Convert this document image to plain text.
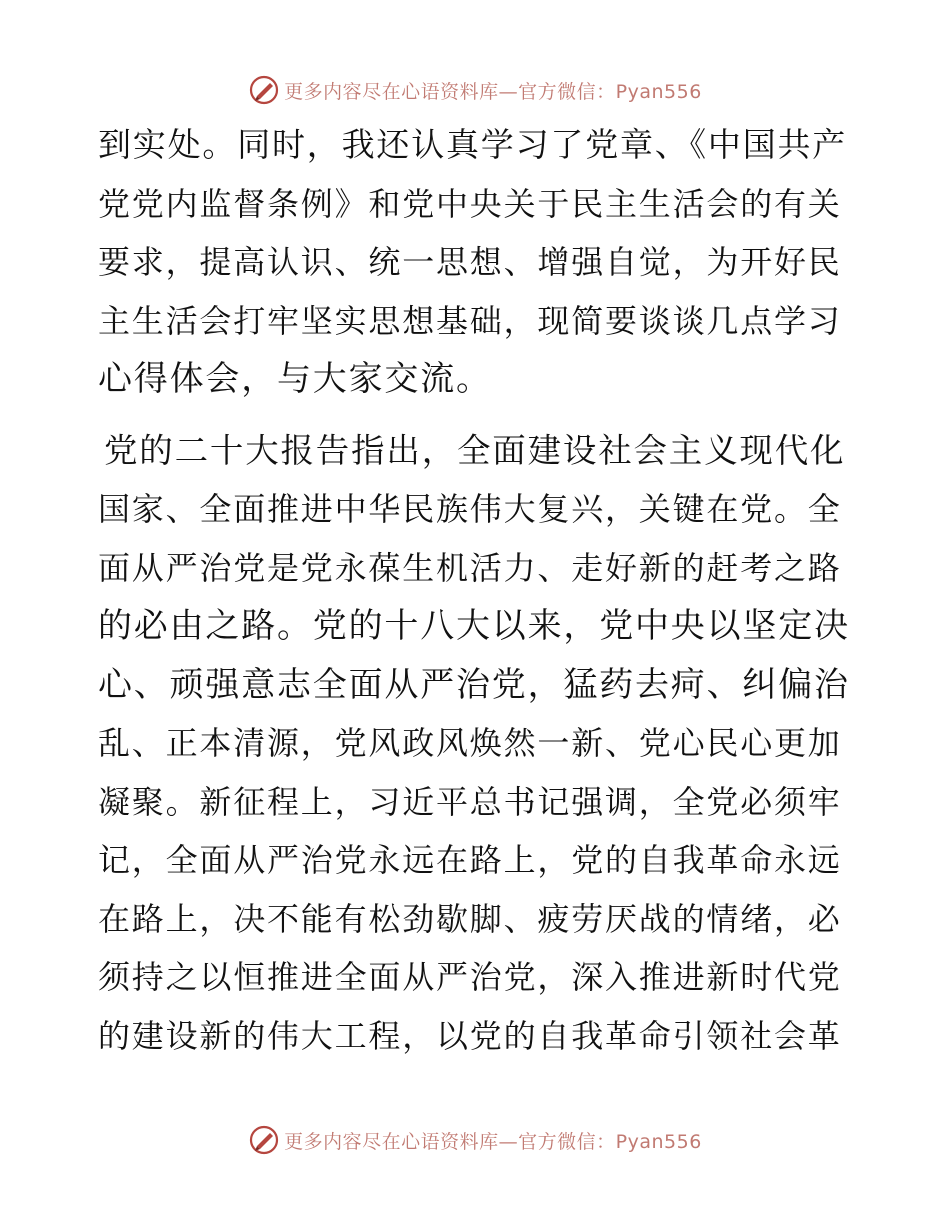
更多内容尽在心语资料库—官方微信：Pyan556

到实处。同时，我还认真学习了党章、《中国共产
党党内监督条例》和党中央关于民主生活会的有关
要求，提高认识、统一思想、增强自觉，为开好民
主生活会打牢坚实思想基础，现简要谈谈几点学习
心得体会，与大家交流。

党的二十大报告指出，全面建设社会主义现代化
国家、全面推进中华民族伟大复兴，关键在党。全
面从严治党是党永葆生机活力、走好新的赶考之路
的必由之路。党的十八大以来，党中央以坚定决
心、顽强意志全面从严治党，猛药去疴、纠偏治
乱、正本清源，党风政风焕然一新、党心民心更加
凝聚。新征程上，习近平总书记强调，全党必须牢
记，全面从严治党永远在路上，党的自我革命永远
在路上，决不能有松劲歇脚、疲劳厌战的情绪，必
须持之以恒推进全面从严治党，深入推进新时代党
的建设新的伟大工程，以党的自我革命引领社会革

更多内容尽在心语资料库—官方微信：Pyan556
